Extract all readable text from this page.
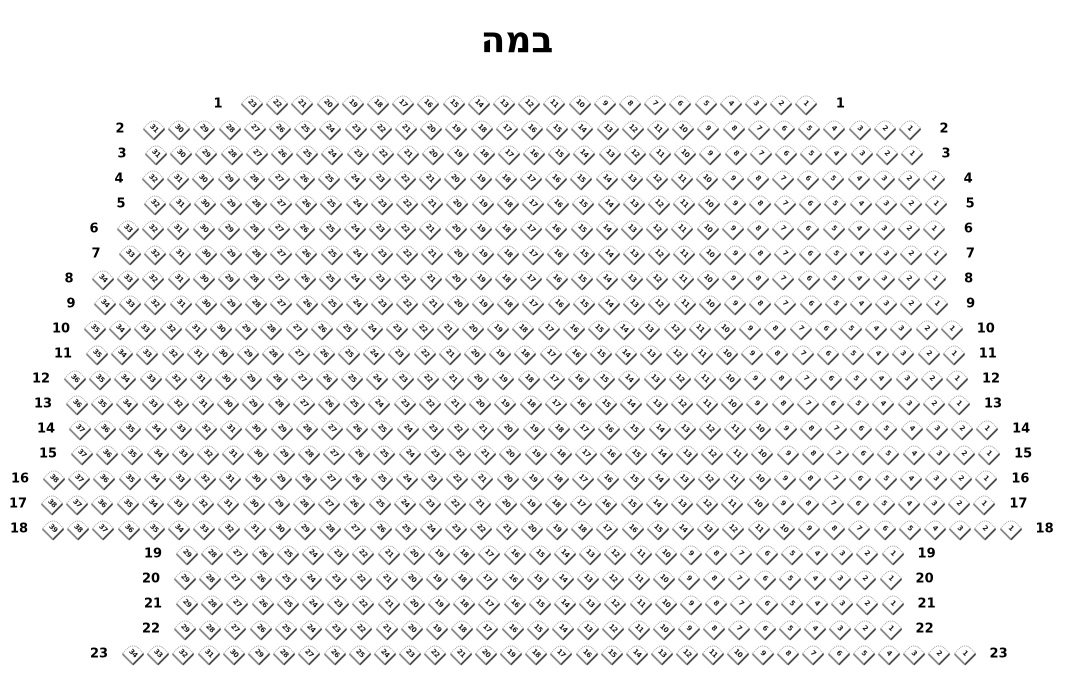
במה
1	1
23 22 21 20 19 18 17 16 15 14 13 12 11 10 9 8 7 6 5 4 3 2 1
2	2
31 30 29 28 27 26 25 24 23 22 21 20 19 18 17 16 15 14 13 12 11 10 9 8 7 6 5 4 3 2 1
3	3
31 30 29 28 27 26 25 24 23 22 21 20 19 18 17 16 15 14 13 12 11 10 9 8 7 6 5 4 3 2 1
4	4
32 31 30 29 28 27 26 25 24 23 22 21 20 19 18 17 16 15 14 13 12 11 10 9 8 7 6 5 4 3 2 1
5	5
32 31 30 29 28 27 26 25 24 23 22 21 20 19 18 17 16 15 14 13 12 11 10 9 8 7 6 5 4 3 2 1
6	6
33 32 31 30 29 28 27 26 25 24 23 22 21 20 19 18 17 16 15 14 13 12 11 10 9 8 7 6 5 4 3 2 1
7	7
33 32 31 30 29 28 27 26 25 24 23 22 21 20 19 18 17 16 15 14 13 12 11 10 9 8 7 6 5 4 3 2 1
8	8
34 33 32 31 30 29 28 27 26 25 24 23 22 21 20 19 18 17 16 15 14 13 12 11 10 9 8 7 6 5 4 3 2 1
9	9
34 33 32 31 30 29 28 27 26 25 24 23 22 21 20 19 18 17 16 15 14 13 12 11 10 9 8 7 6 5 4 3 2 1
10	10
35 34 33 32 31 30 29 28 27 26 25 24 23 22 21 20 19 18 17 16 15 14 13 12 11 10 9 8 7 6 5 4 3 2 1
11	11
35 34 33 32 31 30 29 28 27 26 25 24 23 22 21 20 19 18 17 16 15 14 13 12 11 10 9 8 7 6 5 4 3 2 1
12	12
36 35 34 33 32 31 30 29 28 27 26 25 24 23 22 21 20 19 18 17 16 15 14 13 12 11 10 9 8 7 6 5 4 3 2 1
13	13
36 35 34 33 32 31 30 29 28 27 26 25 24 23 22 21 20 19 18 17 16 15 14 13 12 11 10 9 8 7 6 5 4 3 2 1
14	14
37 36 35 34 33 32 31 30 29 28 27 26 25 24 23 22 21 20 19 18 17 16 15 14 13 12 11 10 9 8 7 6 5 4 3 2 1
15	15
37 36 35 34 33 32 31 30 29 28 27 26 25 24 23 22 21 20 19 18 17 16 15 14 13 12 11 10 9 8 7 6 5 4 3 2 1
16	16
38 37 36 35 34 33 32 31 30 29 28 27 26 25 24 23 22 21 20 19 18 17 16 15 14 13 12 11 10 9 8 7 6 5 4 3 2 1
17	17
38 37 36 35 34 33 32 31 30 29 28 27 26 25 24 23 22 21 20 19 18 17 16 15 14 13 12 11 10 9 8 7 6 5 4 3 2 1
18	18
39 38 37 36 35 34 33 32 31 30 29 28 27 26 25 24 23 22 21 20 19 18 17 16 15 14 13 12 11 10 9 8 7 6 5 4 3 2 1
19	19
29 28 27 26 25 24 23 22 21 20 19 18 17 16 15 14 13 12 11 10 9 8 7 6 5 4 3 2 1
20	20
29 28 27 26 25 24 23 22 21 20 19 18 17 16 15 14 13 12 11 10 9 8 7 6 5 4 3 2 1
21	21
29 28 27 26 25 24 23 22 21 20 19 18 17 16 15 14 13 12 11 10 9 8 7 6 5 4 3 2 1
22	22
29 28 27 26 25 24 23 22 21 20 19 18 17 16 15 14 13 12 11 10 9 8 7 6 5 4 3 2 1
23	23
34 33 32 31 30 29 28 27 26 25 24 23 22 21 20 19 18 17 16 15 14 13 12 11 10 9 8 7 6 5 4 3 2 1
